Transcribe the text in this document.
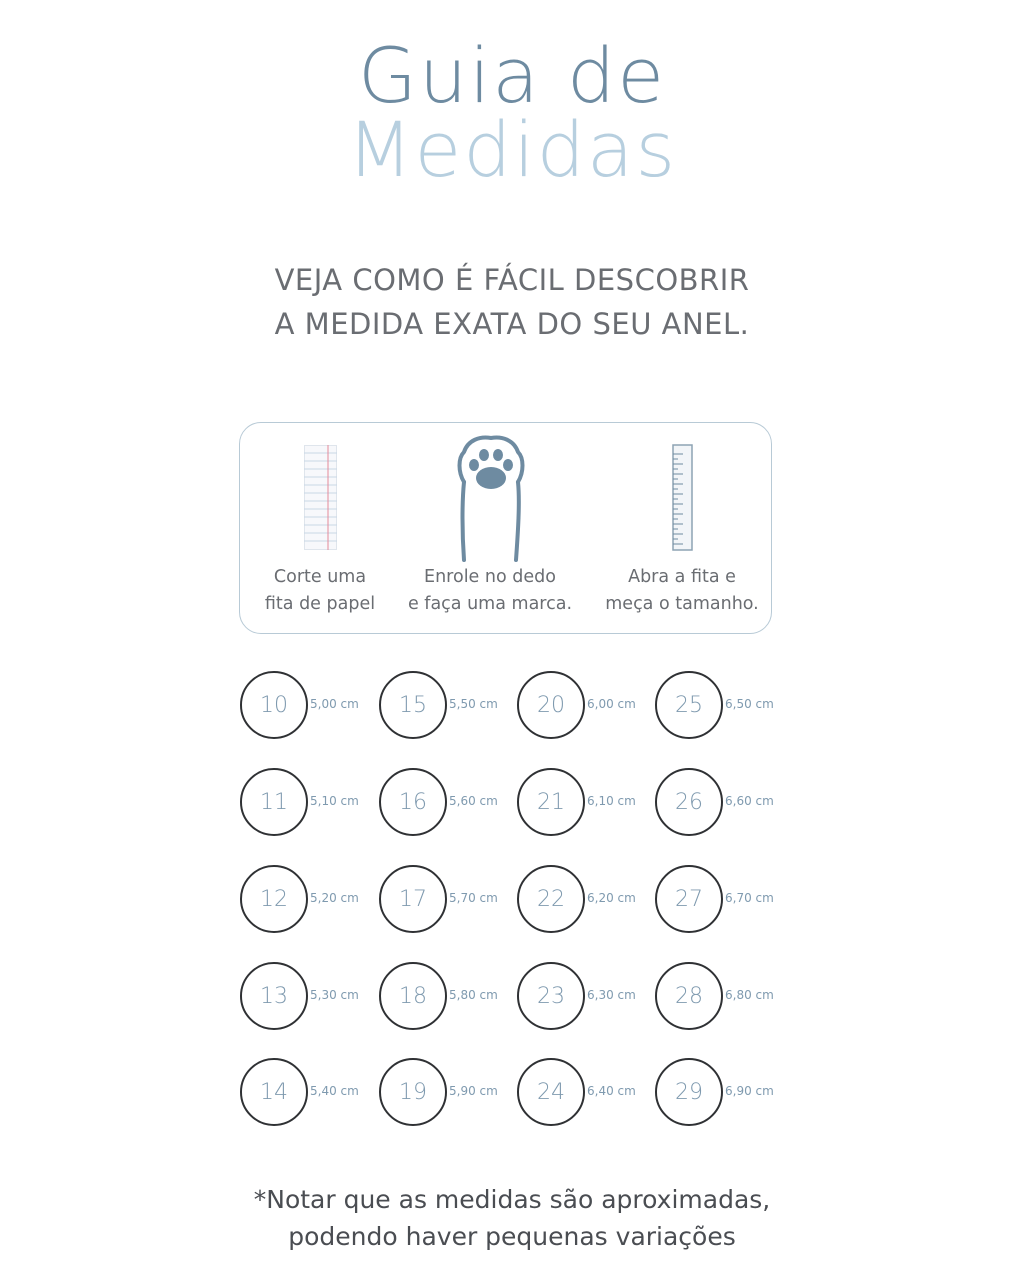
Guia de
Medidas
VEJA COMO É FÁCIL DESCOBRIR
A MEDIDA EXATA DO SEU ANEL.
Corte uma
fita de papel
Enrole no dedo
e faça uma marca.
Abra a fita e
meça o tamanho.
10	5,00 cm	15	5,50 cm	20	6,00 cm	25	6,50 cm
11	5,10 cm	16	5,60 cm	21	6,10 cm	26	6,60 cm
12	5,20 cm	17	5,70 cm	22	6,20 cm	27	6,70 cm
13	5,30 cm	18	5,80 cm	23	6,30 cm	28	6,80 cm
14	5,40 cm	19	5,90 cm	24	6,40 cm	29	6,90 cm
*Notar que as medidas são aproximadas,
podendo haver pequenas variações
